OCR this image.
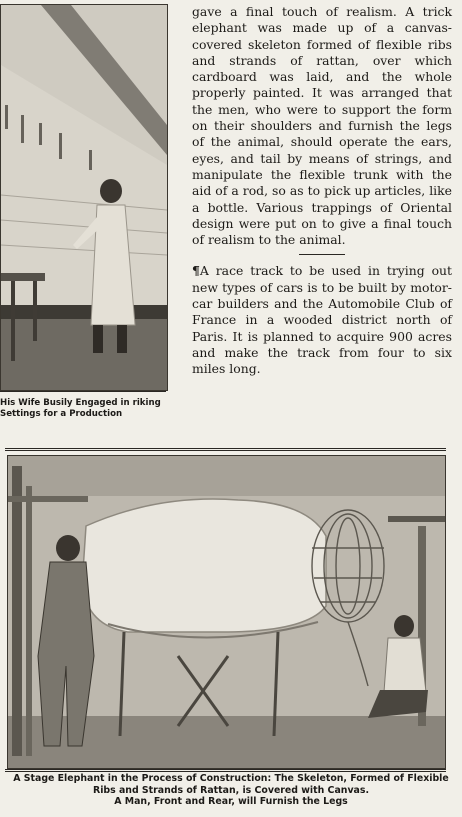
His Wife Busily Engaged in riking Settings for a Production

gave a final touch of realism. A trick elephant was made up of a canvas-covered skeleton formed of flexible ribs and strands of rattan, over which cardboard was laid, and the whole properly painted. It was arranged that the men, who were to support the form on their shoulders and furnish the legs of the animal, should operate the ears, eyes, and tail by means of strings, and manipulate the flexible trunk with the aid of a rod, so as to pick up articles, like a bottle. Various trappings of Oriental design were put on to give a final touch of realism to the animal.

¶A race track to be used in trying out new types of cars is to be built by motor-car builders and the Automobile Club of France in a wooded district north of Paris. It is planned to acquire 900 acres and make the track from four to six miles long.

A Stage Elephant in the Process of Construction: The Skeleton, Formed of Flexible Ribs and Strands of Rattan, is Covered with Canvas.
A Man, Front and Rear, will Furnish the Legs
